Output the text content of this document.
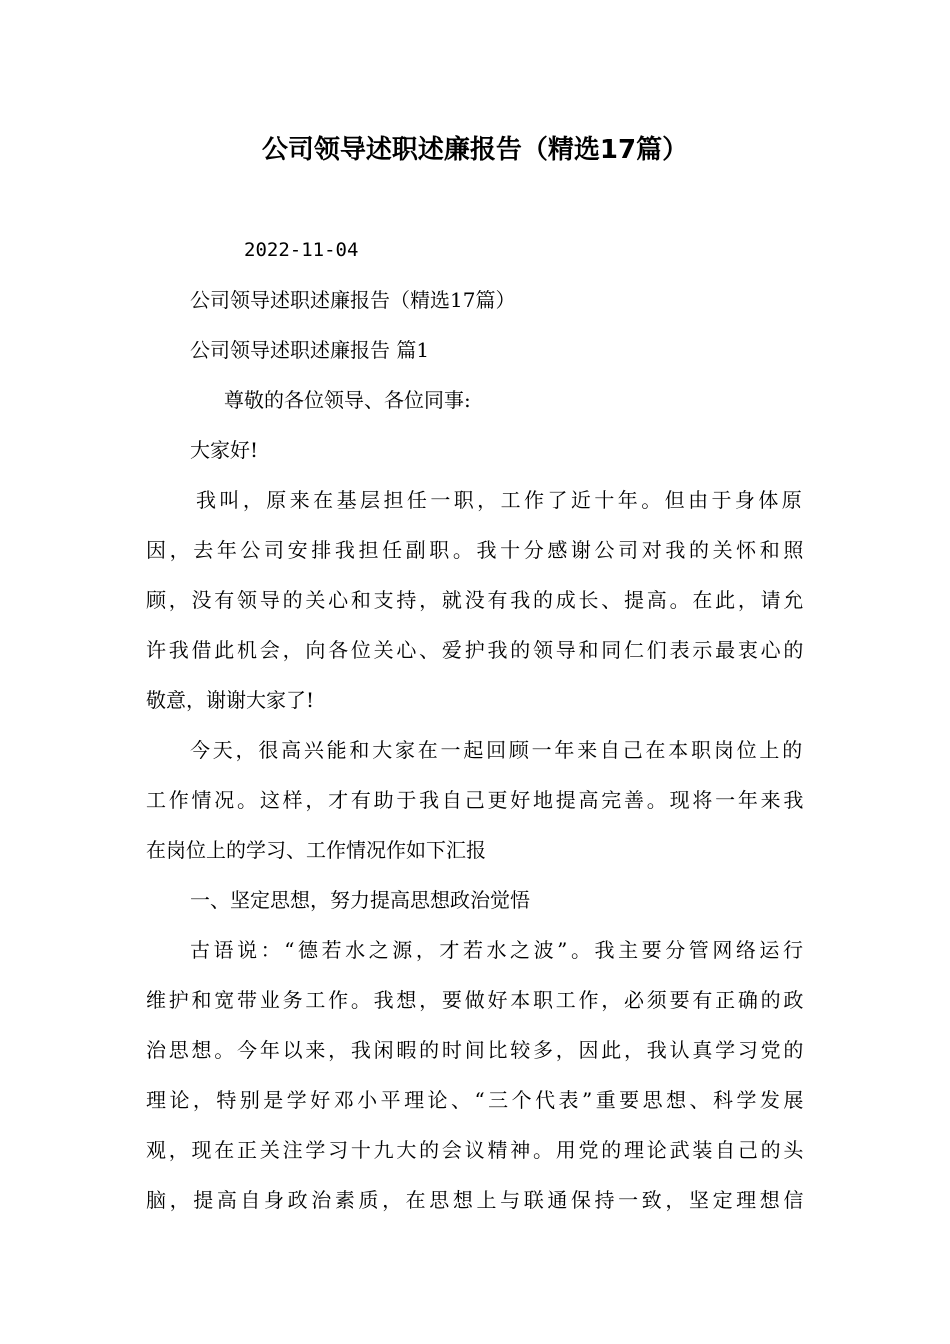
公司领导述职述廉报告（精选17篇）

2022-11-04

公司领导述职述廉报告（精选17篇）

公司领导述职述廉报告 篇1

尊敬的各位领导、各位同事:

大家好!

我叫，原来在基层担任一职，工作了近十年。但由于身体原

因，去年公司安排我担任副职。我十分感谢公司对我的关怀和照

顾，没有领导的关心和支持，就没有我的成长、提高。在此，请允

许我借此机会，向各位关心、爱护我的领导和同仁们表示最衷心的

敬意，谢谢大家了!

今天，很高兴能和大家在一起回顾一年来自己在本职岗位上的

工作情况。这样，才有助于我自己更好地提高完善。现将一年来我

在岗位上的学习、工作情况作如下汇报

一、坚定思想，努力提高思想政治觉悟

古语说：“德若水之源，才若水之波”。我主要分管网络运行

维护和宽带业务工作。我想，要做好本职工作，必须要有正确的政

治思想。今年以来，我闲暇的时间比较多，因此，我认真学习党的

理论，特别是学好邓小平理论、“三个代表”重要思想、科学发展

观，现在正关注学习十九大的会议精神。用党的理论武装自己的头

脑，提高自身政治素质，在思想上与联通保持一致，坚定理想信
